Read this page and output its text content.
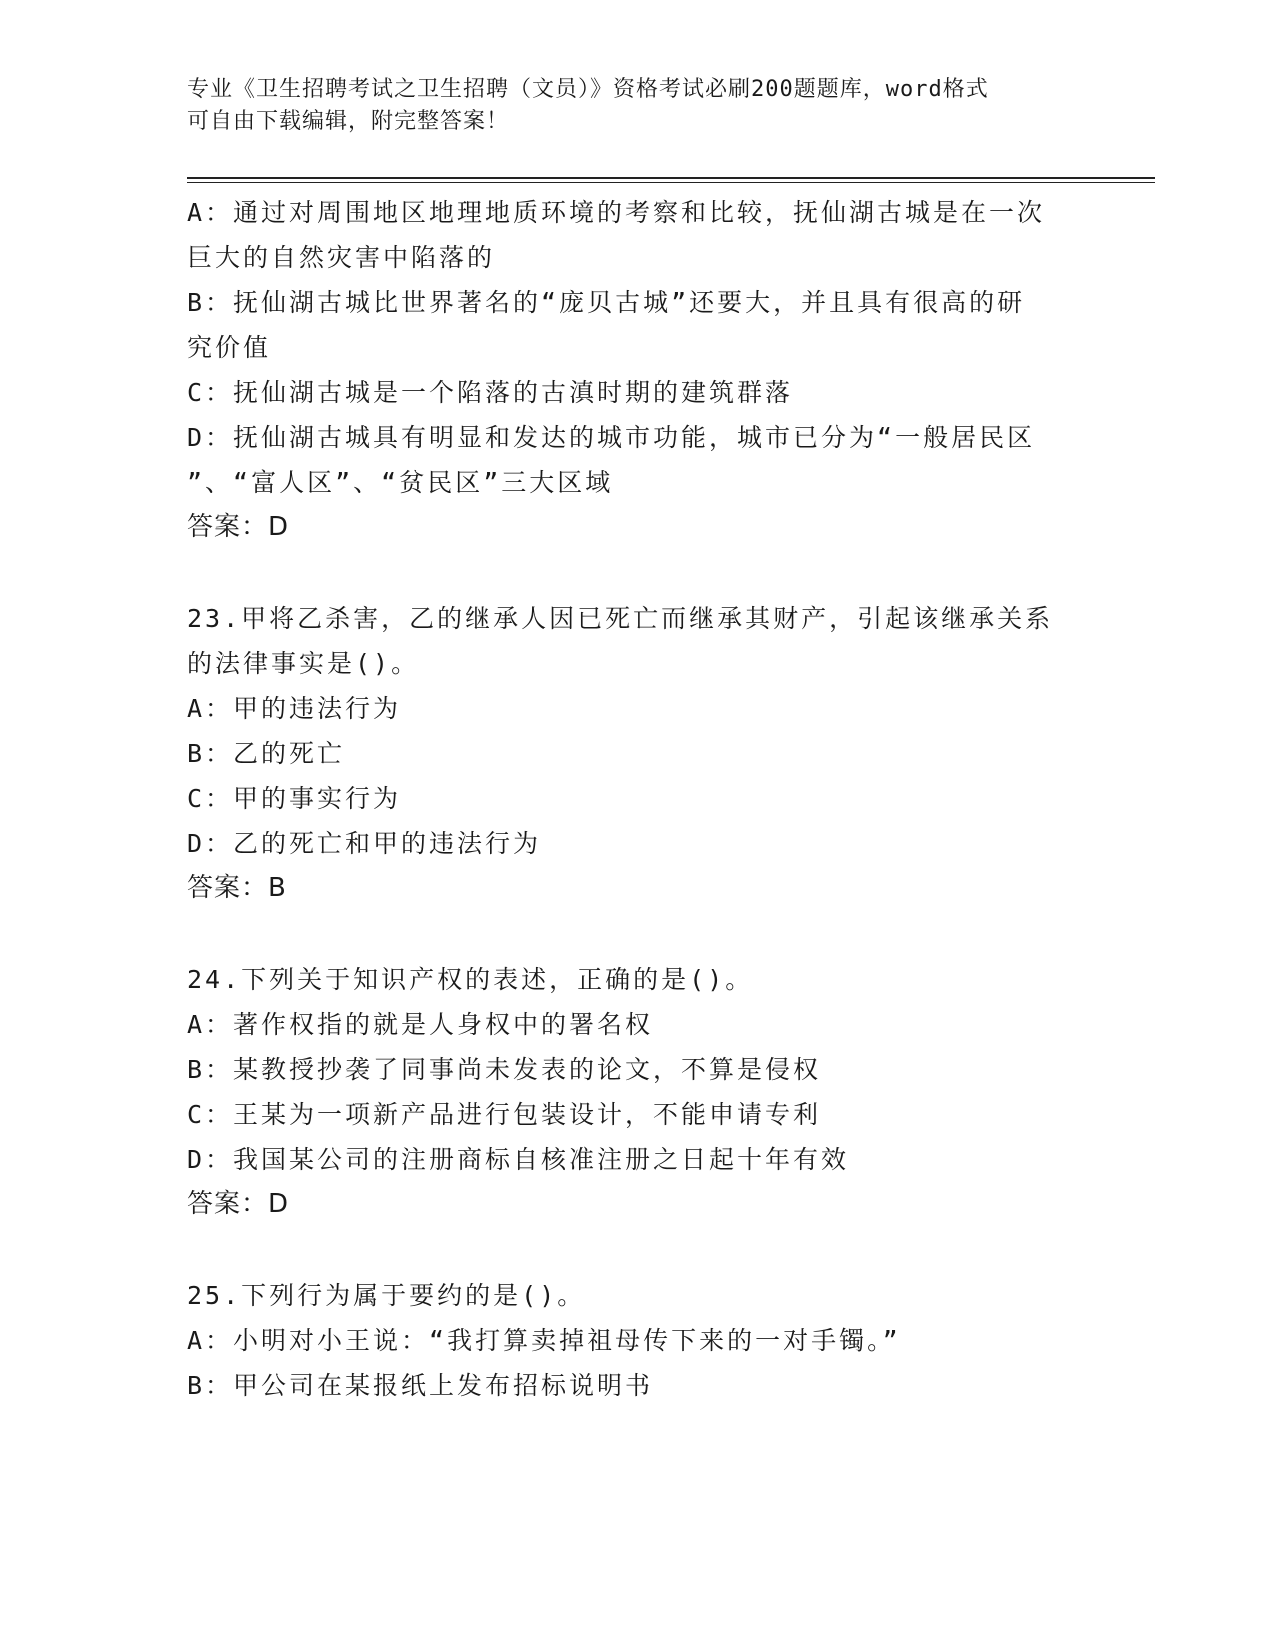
专业《卫生招聘考试之卫生招聘（文员）》资格考试必刷200题题库，word格式
可自由下载编辑，附完整答案！
A：通过对周围地区地理地质环境的考察和比较，抚仙湖古城是在一次
巨大的自然灾害中陷落的
B：抚仙湖古城比世界著名的“庞贝古城”还要大，并且具有很高的研
究价值
C：抚仙湖古城是一个陷落的古滇时期的建筑群落
D：抚仙湖古城具有明显和发达的城市功能，城市已分为“一般居民区
”、“富人区”、“贫民区”三大区域
答案：D
23.甲将乙杀害，乙的继承人因已死亡而继承其财产，引起该继承关系
的法律事实是()。
A：甲的违法行为
B：乙的死亡
C：甲的事实行为
D：乙的死亡和甲的违法行为
答案：B
24.下列关于知识产权的表述，正确的是()。
A：著作权指的就是人身权中的署名权
B：某教授抄袭了同事尚未发表的论文，不算是侵权
C：王某为一项新产品进行包装设计，不能申请专利
D：我国某公司的注册商标自核准注册之日起十年有效
答案：D
25.下列行为属于要约的是()。
A：小明对小王说：“我打算卖掉祖母传下来的一对手镯。”
B：甲公司在某报纸上发布招标说明书
